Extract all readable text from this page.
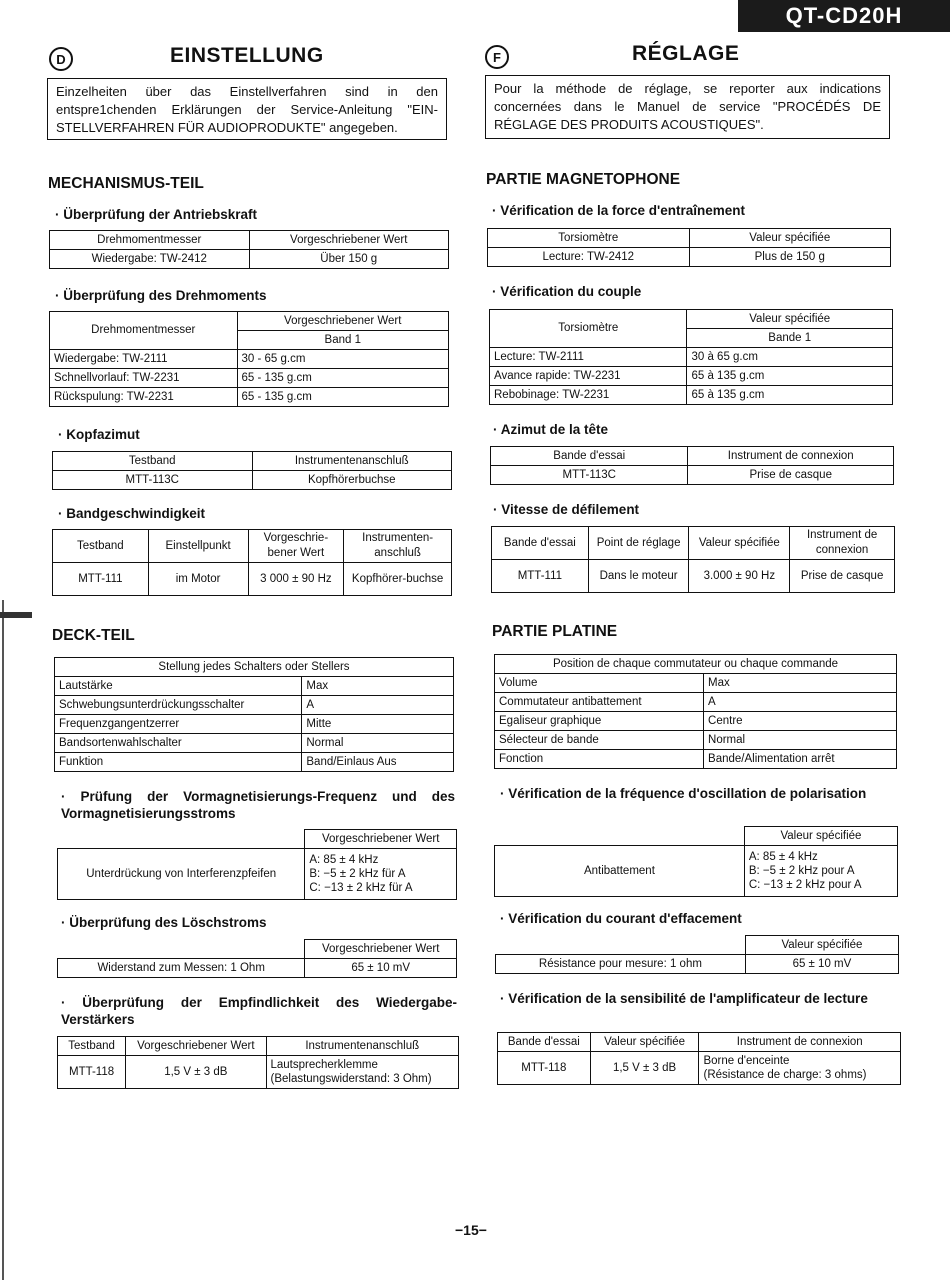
QT-CD20H
D	EINSTELLUNG
Einzelheiten über das Einstellverfahren sind in den entspre1chenden Erklärungen der Service-Anleitung "EIN-STELLVERFAHREN FÜR AUDIOPRODUKTE" angegeben.
MECHANISMUS-TEIL
· Überprüfung der Antriebskraft
Drehmomentmesser	Vorgeschriebener Wert
Wiedergabe: TW-2412	Über 150 g
· Überprüfung des Drehmoments
Drehmomentmesser	Vorgeschriebener Wert
	Band 1
Wiedergabe: TW-2111	30 - 65 g.cm
Schnellvorlauf: TW-2231	65 - 135 g.cm
Rückspulung: TW-2231	65 - 135 g.cm
· Kopfazimut
Testband	Instrumentenanschluß
MTT-113C	Kopfhörerbuchse
· Bandgeschwindigkeit
Testband	Einstellpunkt	Vorgeschrie-bener Wert	Instrumenten-anschluß
MTT-111	im Motor	3 000 ± 90 Hz	Kopfhörer-buchse
DECK-TEIL
Stellung jedes Schalters oder Stellers	
Lautstärke	Max
Schwebungsunterdrückungsschalter	A
Frequenzgangentzerrer	Mitte
Bandsortenwahlschalter	Normal
Funktion	Band/Einlaus Aus
· Prüfung der Vormagnetisierungs-Frequenz und des Vormagnetisierungsstroms
	Vorgeschriebener Wert
Unterdrückung von Interferenzpfeifen	A: 85 ± 4 kHz
B: −5 ± 2 kHz für A
C: −13 ± 2 kHz für A
· Überprüfung des Löschstroms
	Vorgeschriebener Wert
Widerstand zum Messen: 1 Ohm	65 ± 10 mV
· Überprüfung der Empfindlichkeit des Wiedergabe-Verstärkers
Testband	Vorgeschriebener Wert	Instrumentenanschluß
MTT-118	1,5 V ± 3 dB	Lautsprecherklemme
(Belastungswiderstand: 3 Ohm)
F	RÉGLAGE
Pour la méthode de réglage, se reporter aux indications concernées dans le Manuel de service "PROCÉDÉS DE RÉGLAGE DES PRODUITS ACOUSTIQUES".
PARTIE MAGNETOPHONE
Torsiomètre	Valeur spécifiée
Lecture: TW-2412	Plus de 150 g
· Vérification de la force d'entraînement
· Vérification du couple
Torsiomètre	Valeur spécifiée
	Bande 1
Lecture: TW-2111	30 à 65 g.cm
Avance rapide: TW-2231	65 à 135 g.cm
Rebobinage: TW-2231	65 à 135 g.cm
· Azimut de la tête
Bande d'essai	Instrument de connexion
MTT-113C	Prise de casque
· Vitesse de défilement
Bande d'essai	Point de réglage	Valeur spécifiée	Instrument de connexion
MTT-111	Dans le moteur	3.000 ± 90 Hz	Prise de casque
PARTIE PLATINE
Position de chaque commutateur ou chaque commande	
Volume	Max
Commutateur antibattement	A
Egaliseur graphique	Centre
Sélecteur de bande	Normal
Fonction	Bande/Alimentation arrêt
· Vérification de la fréquence d'oscillation de polarisation
	Valeur spécifiée
Antibattement	A: 85 ± 4 kHz
B: −5 ± 2 kHz pour A
C: −13 ± 2 kHz pour A
· Vérification du courant d'effacement
	Valeur spécifiée
Résistance pour mesure: 1 ohm	65 ± 10 mV
· Vérification de la sensibilité de l'amplificateur de lecture
Bande d'essai	Valeur spécifiée	Instrument de connexion
MTT-118	1,5 V ± 3 dB	Borne d'enceinte
(Résistance de charge: 3 ohms)
−15−
